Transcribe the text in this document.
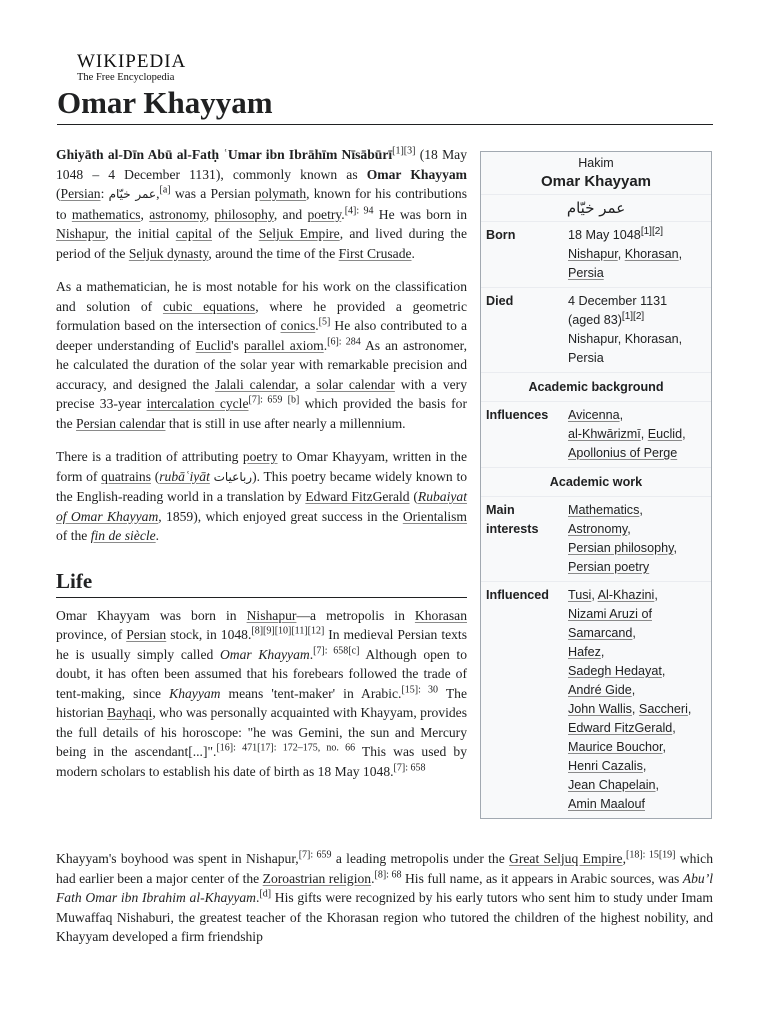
WIKIPEDIA
The Free Encyclopedia
Omar Khayyam

Ghiyāth al-Dīn Abū al-Fatḥ ʿUmar ibn Ibrāhīm Nīsābūrī[1][3] (18 May 1048 – 4 December 1131), commonly known as Omar Khayyam (Persian: عمر خیّام,[a] was a Persian polymath, known for his contributions to mathematics, astronomy, philosophy, and poetry.$^{[4]: 94}$ He was born in Nishapur, the initial capital of the Seljuk Empire, and lived during the period of the Seljuk dynasty, around the time of the First Crusade.

As a mathematician, he is most notable for his work on the classification and solution of cubic equations, where he provided a geometric formulation based on the intersection of conics.[5] He also contributed to a deeper understanding of Euclid's parallel axiom.$^{[6]: 284}$ As an astronomer, he calculated the duration of the solar year with remarkable precision and accuracy, and designed the Jalali calendar, a solar calendar with a very precise 33-year intercalation cycle$^{[7]: 659}$ [b] which provided the basis for the Persian calendar that is still in use after nearly a millennium.

There is a tradition of attributing poetry to Omar Khayyam, written in the form of quatrains (rubāʿiyāt رباعیات). This poetry became widely known to the English-reading world in a translation by Edward FitzGerald (Rubaiyat of Omar Khayyam, 1859), which enjoyed great success in the Orientalism of the fin de siècle.

Life

Omar Khayyam was born in Nishapur—a metropolis in Khorasan province, of Persian stock, in 1048.[8][9][10][11][12] In medieval Persian texts he is usually simply called Omar Khayyam.[7]: 658[c] Although open to doubt, it has often been assumed that his forebears followed the trade of tent-making, since Khayyam means 'tent-maker' in Arabic.$^{[15]: 30}$ The historian Bayhaqi, who was personally acquainted with Khayyam, provides the full details of his horoscope: "he was Gemini, the sun and Mercury being in the ascendant[...]".$^{[16]: 471[17]: 172-175, no. 66}$ This was used by modern scholars to establish his date of birth as 18 May 1048.$^{[7]: 658}$

Khayyam's boyhood was spent in Nishapur,$^{[7]: 659}$ a leading metropolis under the Great Seljuq Empire,[18]: 15[19] which had earlier been a major center of the Zoroastrian religion.$^{[8]: 68}$ His full name, as it appears in Arabic sources, was Abu’l Fath Omar ibn Ibrahim al-Khayyam.[d] His gifts were recognized by his early tutors who sent him to study under Imam Muwaffaq Nishaburi, the greatest teacher of the Khorasan region who tutored the children of the highest nobility, and Khayyam developed a firm friendship

Hakim
Omar Khayyam
عمر خیّام
Born	18 May 1048[1][2]
Nishapur, Khorasan,
Persia
Died	4 December 1131
(aged 83)[1][2]
Nishapur, Khorasan,
Persia
Academic background
Influences	Avicenna,
al-Khwārizmī, Euclid,
Apollonius of Perge
Academic work
Main interests
Mathematics,
Astronomy,
Persian philosophy,
Persian poetry
Influenced	Tusi, Al-Khazini,
Nizami Aruzi of Samarcand,
Hafez,
Sadegh Hedayat,
André Gide,
John Wallis, Saccheri,
Edward FitzGerald,
Maurice Bouchor,
Henri Cazalis,
Jean Chapelain,
Amin Maalouf
